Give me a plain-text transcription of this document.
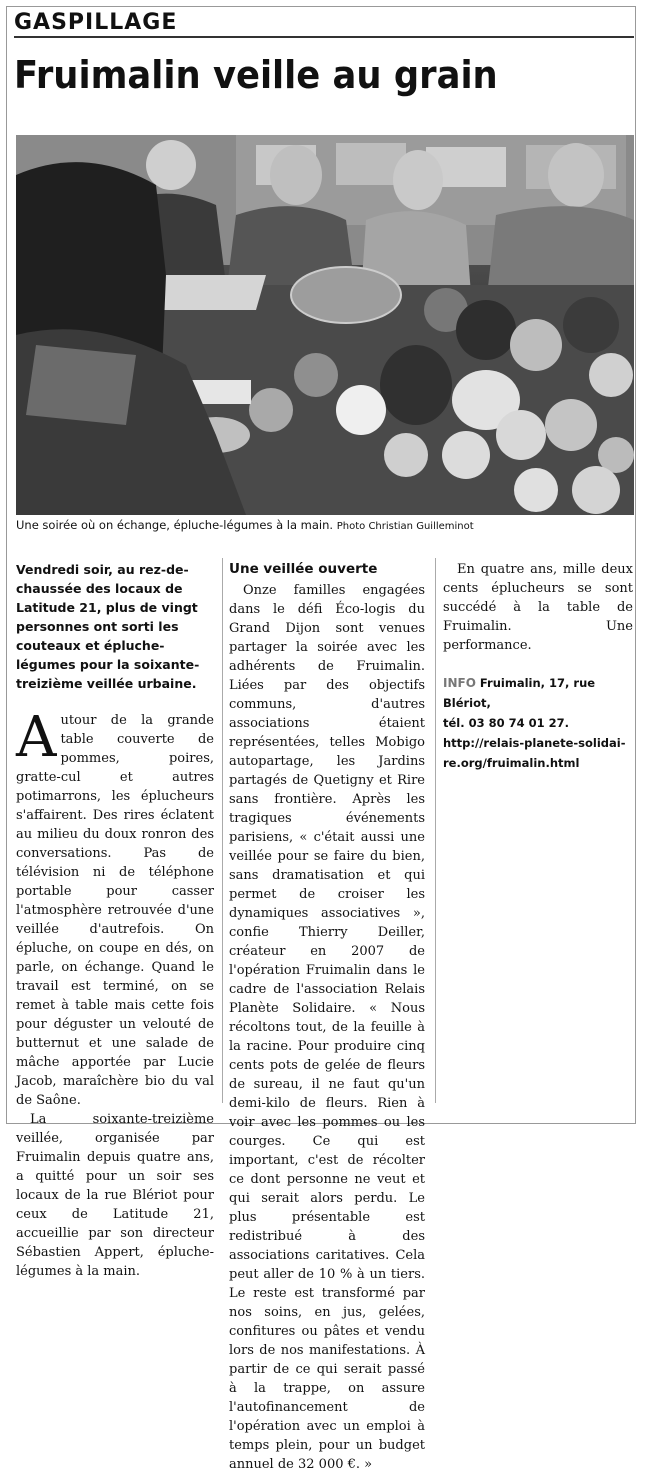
GASPILLAGE
Fruimalin veille au grain
Une soirée où on échange, épluche-légumes à la main. Photo Christian Guilleminot
Vendredi soir, au rez-de-chaussée des locaux de Latitude 21, plus de vingt personnes ont sorti les couteaux et épluche-légumes pour la soixante-treizième veillée urbaine.

Autour de la grande table couverte de pommes, poires, gratte-cul et autres potimarrons, les éplucheurs s'affairent. Des rires éclatent au milieu du doux ronron des conversations. Pas de télévision ni de téléphone portable pour casser l'atmosphère retrouvée d'une veillée d'autrefois. On épluche, on coupe en dés, on parle, on échange. Quand le travail est terminé, on se remet à table mais cette fois pour déguster un velouté de butternut et une salade de mâche apportée par Lucie Jacob, maraîchère bio du val de Saône.

La soixante-treizième veillée, organisée par Fruimalin depuis quatre ans, a quitté pour un soir ses locaux de la rue Blériot pour ceux de Latitude 21, accueillie par son directeur Sébastien Appert, épluche-légumes à la main.

Une veillée ouverte

Onze familles engagées dans le défi Éco-logis du Grand Dijon sont venues partager la soirée avec les adhérents de Fruimalin. Liées par des objectifs communs, d'autres associations étaient représentées, telles Mobigo autopartage, les Jardins partagés de Quetigny et Rire sans frontière. Après les tragiques événements parisiens, « c'était aussi une veillée pour se faire du bien, sans dramatisation et qui permet de croiser les dynamiques associatives », confie Thierry Deiller, créateur en 2007 de l'opération Fruimalin dans le cadre de l'association Relais Planète Solidaire. « Nous récoltons tout, de la feuille à la racine. Pour produire cinq cents pots de gelée de fleurs de sureau, il ne faut qu'un demi-kilo de fleurs. Rien à voir avec les pommes ou les courges. Ce qui est important, c'est de récolter ce dont personne ne veut et qui serait alors perdu. Le plus présentable est redistribué à des associations caritatives. Cela peut aller de 10 % à un tiers. Le reste est transformé par nos soins, en jus, gelées, confitures ou pâtes et vendu lors de nos manifestations. À partir de ce qui serait passé à la trappe, on assure l'autofinancement de l'opération avec un emploi à temps plein, pour un budget annuel de 32 000 €. »

En quatre ans, mille deux cents éplucheurs se sont succédé à la table de Fruimalin. Une performance.

INFO Fruimalin, 17, rue Blériot,
tél. 03 80 74 01 27.
http://relais-planete-solidai-
re.org/fruimalin.html
